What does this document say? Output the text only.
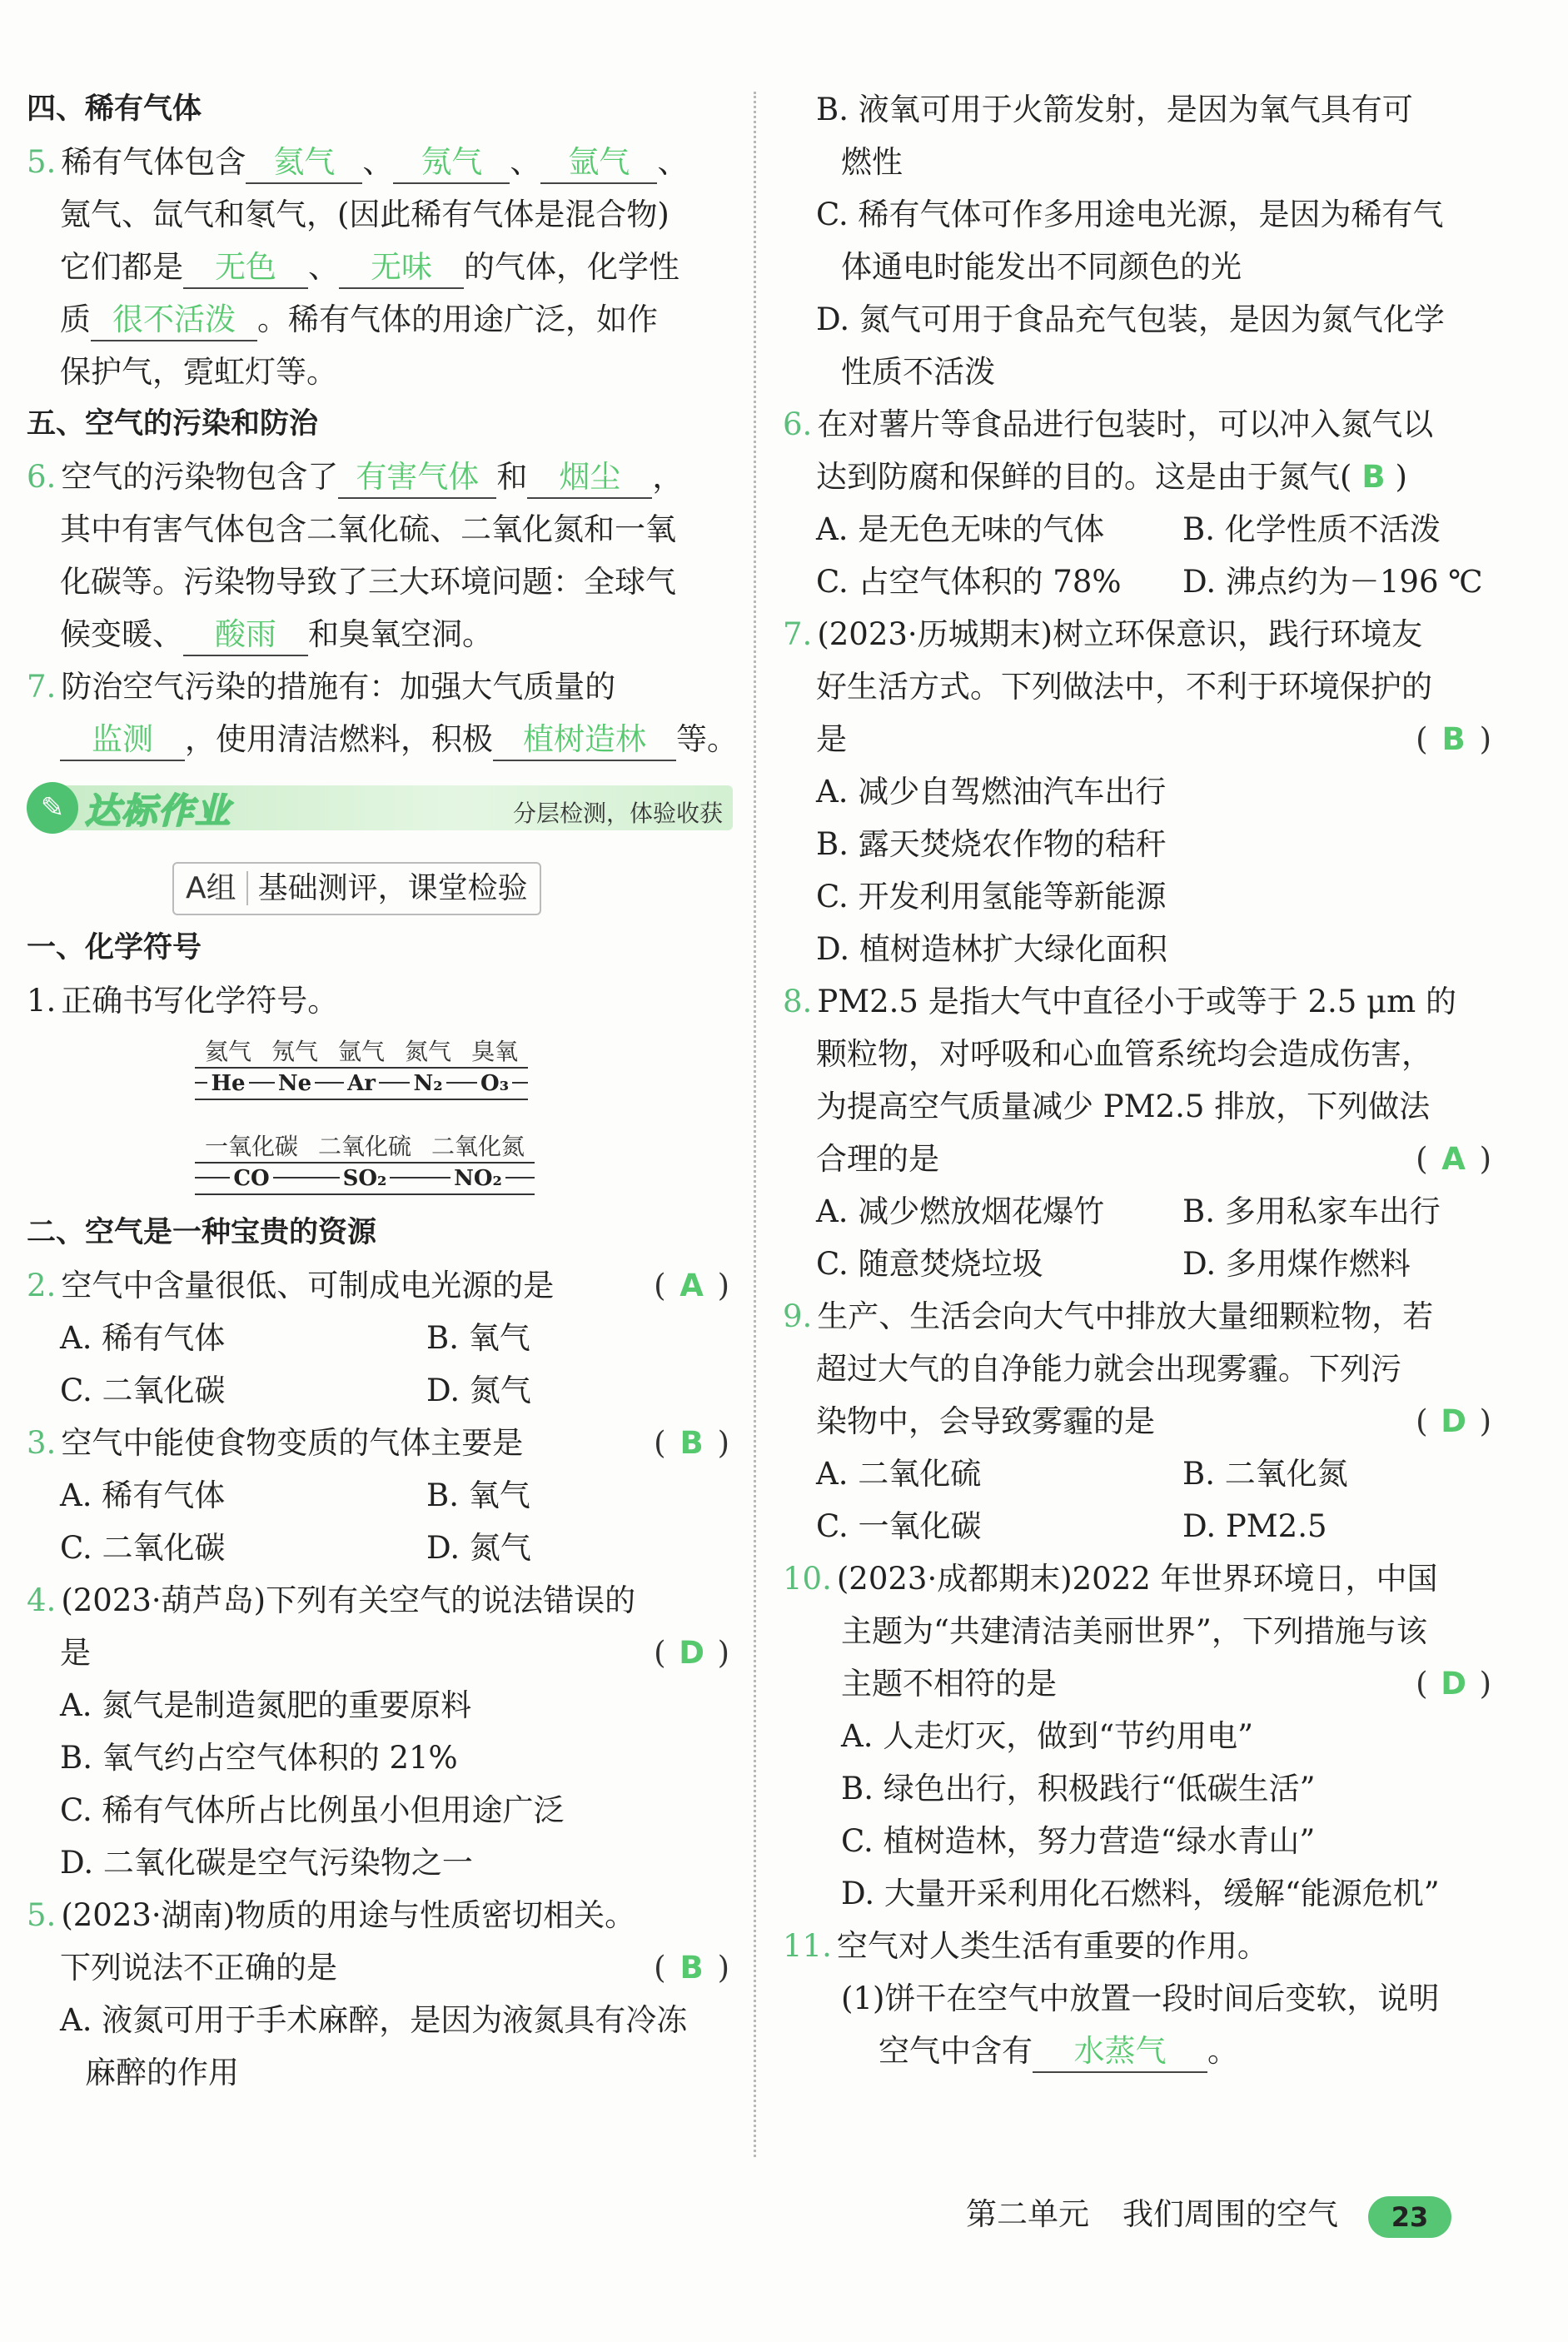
四、稀有气体
5. 稀有气体包含 氦气 、 氖气 、 氩气 、
氪气、氙气和氡气，(因此稀有气体是混合物)
它们都是 无色 、 无味 的气体，化学性
质 很不活泼 。稀有气体的用途广泛，如作
保护气，霓虹灯等。
五、空气的污染和防治
6. 空气的污染物包含了 有害气体 和 烟尘 ，
其中有害气体包含二氧化硫、二氧化氮和一氧
化碳等。污染物导致了三大环境问题：全球气
候变暖、 酸雨 和臭氧空洞。
7. 防治空气污染的措施有：加强大气质量的
监测 ，使用清洁燃料，积极 植树造林 等。
✎ 达标作业	分层检测，体验收获
A组 基础测评，课堂检验
一、化学符号
1. 正确书写化学符号。
氦气	氖气	氩气	氮气	臭氧
He	Ne	Ar	N₂	O₃
一氧化碳	二氧化硫	二氧化氮
CO	SO₂	NO₂
二、空气是一种宝贵的资源
2. 空气中含量很低、可制成电光源的是	( A )
A. 稀有气体	B. 氧气
C. 二氧化碳	D. 氮气
3. 空气中能使食物变质的气体主要是	( B )
A. 稀有气体	B. 氧气
C. 二氧化碳	D. 氮气
4. (2023·葫芦岛)下列有关空气的说法错误的
是	( D )
A. 氮气是制造氮肥的重要原料
B. 氧气约占空气体积的 21%
C. 稀有气体所占比例虽小但用途广泛
D. 二氧化碳是空气污染物之一
5. (2023·湖南)物质的用途与性质密切相关。
下列说法不正确的是	( B )
A. 液氮可用于手术麻醉，是因为液氮具有冷冻
麻醉的作用
B. 液氧可用于火箭发射，是因为氧气具有可
燃性
C. 稀有气体可作多用途电光源，是因为稀有气
体通电时能发出不同颜色的光
D. 氮气可用于食品充气包装，是因为氮气化学
性质不活泼
6. 在对薯片等食品进行包装时，可以冲入氮气以
达到防腐和保鲜的目的。这是由于氮气( B )
A. 是无色无味的气体	B. 化学性质不活泼
C. 占空气体积的 78% D. 沸点约为－196 ℃
7. (2023·历城期末)树立环保意识，践行环境友
好生活方式。下列做法中，不利于环境保护的
是	( B )
A. 减少自驾燃油汽车出行
B. 露天焚烧农作物的秸秆
C. 开发利用氢能等新能源
D. 植树造林扩大绿化面积
8. PM2.5 是指大气中直径小于或等于 2.5 μm 的
颗粒物，对呼吸和心血管系统均会造成伤害，
为提高空气质量减少 PM2.5 排放，下列做法
合理的是	( A )
A. 减少燃放烟花爆竹	B. 多用私家车出行
C. 随意焚烧垃圾	D. 多用煤作燃料
9. 生产、生活会向大气中排放大量细颗粒物，若
超过大气的自净能力就会出现雾霾。下列污
染物中，会导致雾霾的是	( D )
A. 二氧化硫	B. 二氧化氮
C. 一氧化碳	D. PM2.5
10. (2023·成都期末)2022 年世界环境日，中国
主题为“共建清洁美丽世界”，下列措施与该
主题不相符的是	( D )
A. 人走灯灭，做到“节约用电”
B. 绿色出行，积极践行“低碳生活”
C. 植树造林，努力营造“绿水青山”
D. 大量开采利用化石燃料，缓解“能源危机”
11. 空气对人类生活有重要的作用。
(1)饼干在空气中放置一段时间后变软，说明
空气中含有 水蒸气 。
第二单元 我们周围的空气 23
